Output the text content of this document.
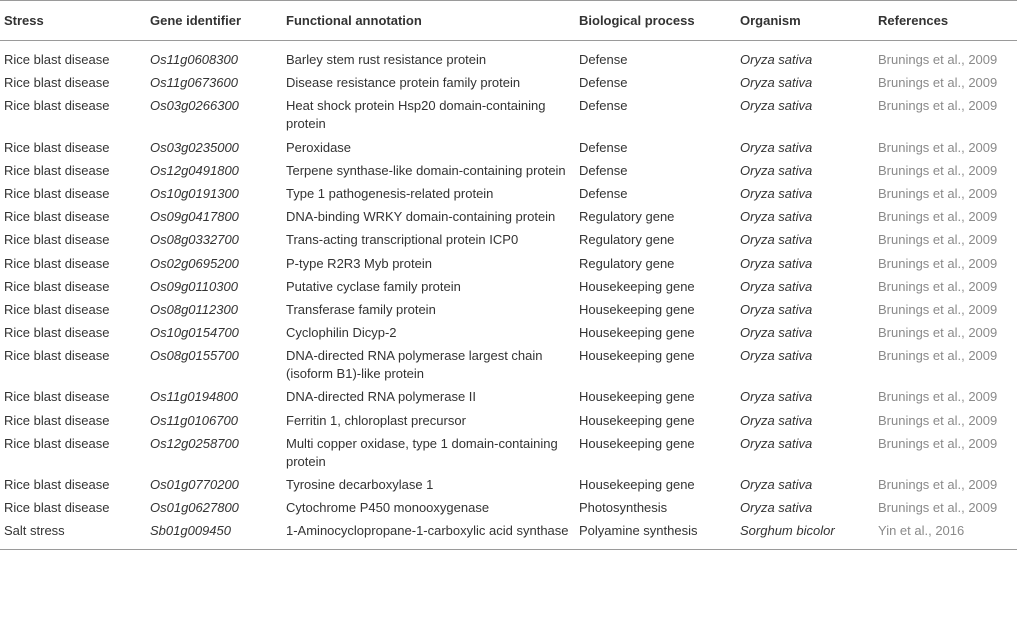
Stress	Gene identifier	Functional annotation	Biological process	Organism	References
Rice blast disease	Os11g0608300	Barley stem rust resistance protein	Defense	Oryza sativa	Brunings et al., 2009
Rice blast disease	Os11g0673600	Disease resistance protein family protein	Defense	Oryza sativa	Brunings et al., 2009
Rice blast disease	Os03g0266300	Heat shock protein Hsp20 domain-containing protein	Defense	Oryza sativa	Brunings et al., 2009
Rice blast disease	Os03g0235000	Peroxidase	Defense	Oryza sativa	Brunings et al., 2009
Rice blast disease	Os12g0491800	Terpene synthase-like domain-containing protein	Defense	Oryza sativa	Brunings et al., 2009
Rice blast disease	Os10g0191300	Type 1 pathogenesis-related protein	Defense	Oryza sativa	Brunings et al., 2009
Rice blast disease	Os09g0417800	DNA-binding WRKY domain-containing protein	Regulatory gene	Oryza sativa	Brunings et al., 2009
Rice blast disease	Os08g0332700	Trans-acting transcriptional protein ICP0	Regulatory gene	Oryza sativa	Brunings et al., 2009
Rice blast disease	Os02g0695200	P-type R2R3 Myb protein	Regulatory gene	Oryza sativa	Brunings et al., 2009
Rice blast disease	Os09g0110300	Putative cyclase family protein	Housekeeping gene	Oryza sativa	Brunings et al., 2009
Rice blast disease	Os08g0112300	Transferase family protein	Housekeeping gene	Oryza sativa	Brunings et al., 2009
Rice blast disease	Os10g0154700	Cyclophilin Dicyp-2	Housekeeping gene	Oryza sativa	Brunings et al., 2009
Rice blast disease	Os08g0155700	DNA-directed RNA polymerase largest chain (isoform B1)-like protein	Housekeeping gene	Oryza sativa	Brunings et al., 2009
Rice blast disease	Os11g0194800	DNA-directed RNA polymerase II	Housekeeping gene	Oryza sativa	Brunings et al., 2009
Rice blast disease	Os11g0106700	Ferritin 1, chloroplast precursor	Housekeeping gene	Oryza sativa	Brunings et al., 2009
Rice blast disease	Os12g0258700	Multi copper oxidase, type 1 domain-containing protein	Housekeeping gene	Oryza sativa	Brunings et al., 2009
Rice blast disease	Os01g0770200	Tyrosine decarboxylase 1	Housekeeping gene	Oryza sativa	Brunings et al., 2009
Rice blast disease	Os01g0627800	Cytochrome P450 monooxygenase	Photosynthesis	Oryza sativa	Brunings et al., 2009
Salt stress	Sb01g009450	1-Aminocyclopropane-1-carboxylic acid synthase	Polyamine synthesis	Sorghum bicolor	Yin et al., 2016
